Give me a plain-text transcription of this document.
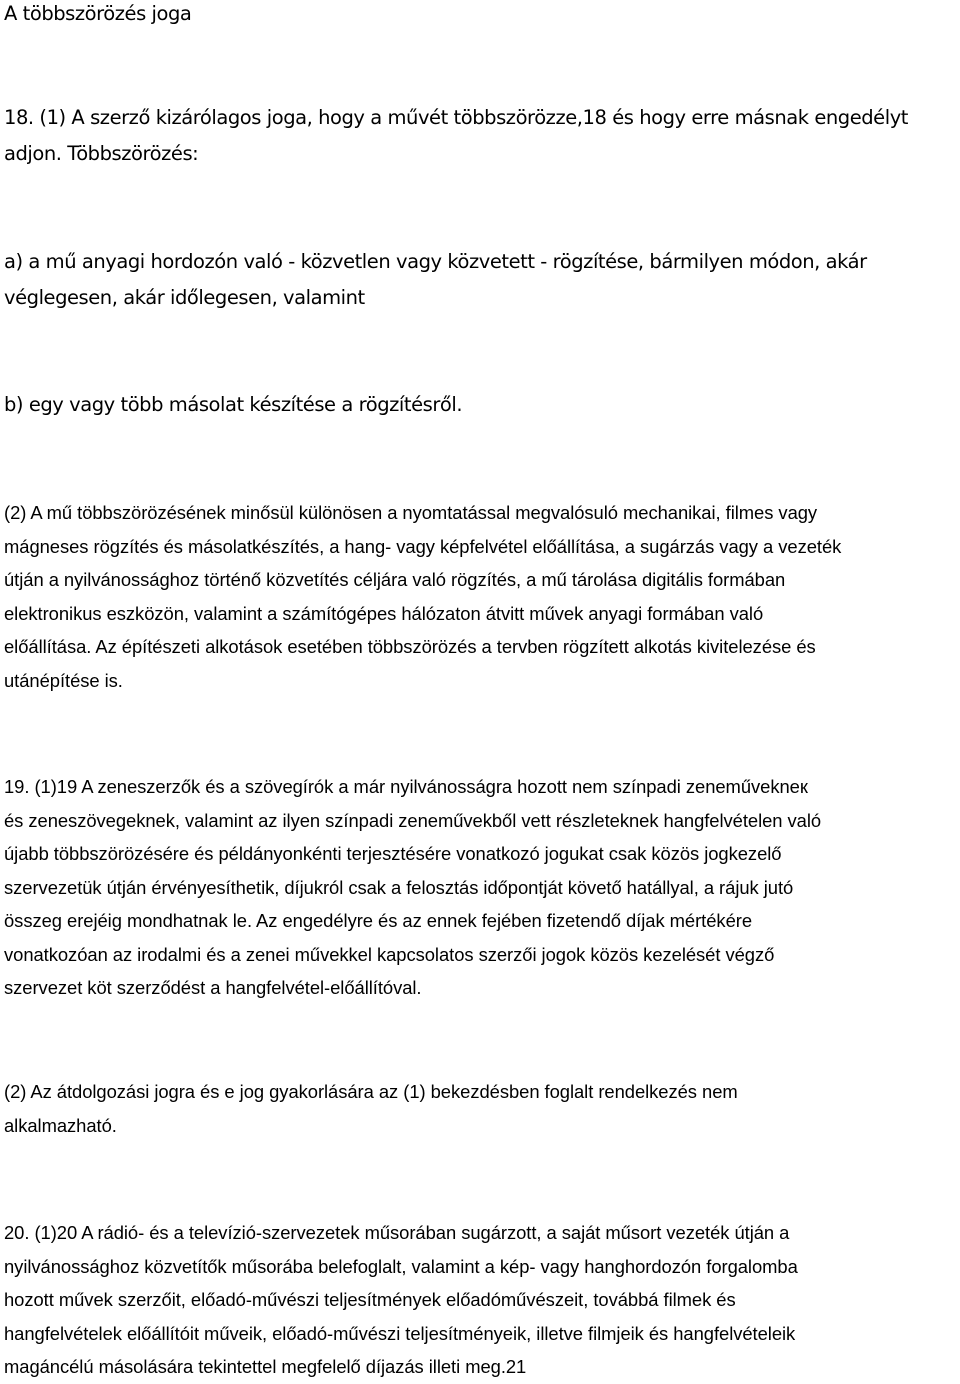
A többszörözés joga

18. (1) A szerző kizárólagos joga, hogy a művét többszörözze,18 és hogy erre másnak engedélyt
adjon. Többszörözés:

a) a mű anyagi hordozón való - közvetlen vagy közvetett - rögzítése, bármilyen módon, akár
véglegesen, akár időlegesen, valamint

b) egy vagy több másolat készítése a rögzítésről.

(2) A mű többszörözésének minősül különösen a nyomtatással megvalósuló mechanikai, filmes vagy
mágneses rögzítés és másolatkészítés, a hang- vagy képfelvétel előállítása, a sugárzás vagy a vezeték
útján a nyilvánossághoz történő közvetítés céljára való rögzítés, a mű tárolása digitális formában
elektronikus eszközön, valamint a számítógépes hálózaton átvitt művek anyagi formában való
előállítása. Az építészeti alkotások esetében többszörözés a tervben rögzített alkotás kivitelezése és
utánépítése is.

19. (1)19 A zeneszerzők és a szövegírók a már nyilvánosságra hozott nem színpadi zeneművekneк
és zeneszövegeknek, valamint az ilyen színpadi zeneművekből vett részleteknek hangfelvételen való
újabb többszörözésére és példányonkénti terjesztésére vonatkozó jogukat csak közös jogkezelő
szervezetük útján érvényesíthetik, díjukról csak a felosztás időpontját követő hatállyal, a rájuk jutó
összeg erejéig mondhatnak le. Az engedélyre és az ennek fejében fizetendő díjak mértékére
vonatkozóan az irodalmi és a zenei művekkel kapcsolatos szerzői jogok közös kezelését végző
szervezet köt szerződést a hangfelvétel-előállítóval.

(2) Az átdolgozási jogra és e jog gyakorlására az (1) bekezdésben foglalt rendelkezés nem
alkalmazható.

20. (1)20 A rádió- és a televízió-szervezetek műsorában sugárzott, a saját műsort vezeték útján a
nyilvánossághoz közvetítők műsorába belefoglalt, valamint a kép- vagy hanghordozón forgalomba
hozott művek szerzőit, előadó-művészi teljesítmények előadóművészeit, továbbá filmek és
hangfelvételek előállítóit műveik, előadó-művészi teljesítményeik, illetve filmjeik és hangfelvételeik
magáncélú másolására tekintettel megfelelő díjazás illeti meg.21
